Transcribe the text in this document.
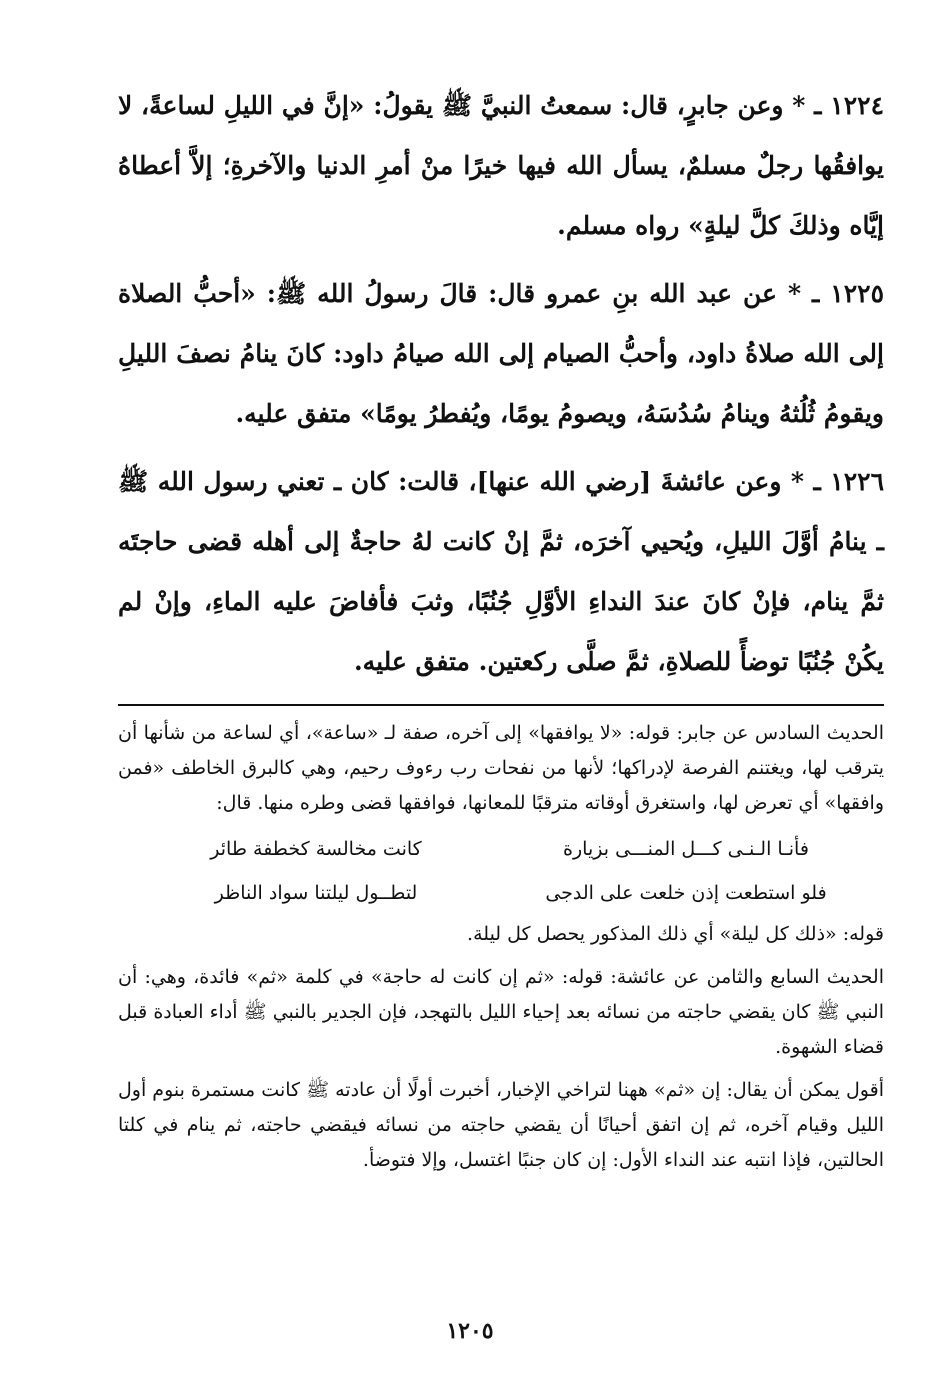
١٢٢٤ ـ * وعن جابرٍ، قال: سمعتُ النبيَّ ﷺ يقولُ: «إنَّ في الليلِ لساعةً، لا يوافقُها رجلٌ مسلمٌ، يسأل الله فيها خيرًا منْ أمرِ الدنيا والآخرةِ؛ إلاَّ أعطاهُ إيَّاه وذلكَ كلَّ ليلةٍ» رواه مسلم.

١٢٢٥ ـ * عن عبد الله بنِ عمرو قال: قالَ رسولُ الله ﷺ: «أحبُّ الصلاة إلى الله صلاةُ داود، وأحبُّ الصيام إلى الله صيامُ داود: كانَ ينامُ نصفَ الليلِ ويقومُ ثُلُثهُ وينامُ سُدُسَهُ، ويصومُ يومًا، ويُفطرُ يومًا» متفق عليه.

١٢٢٦ ـ * وعن عائشةَ [رضي الله عنها]، قالت: كان ـ تعني رسول الله ﷺ ـ ينامُ أوَّلَ الليلِ، ويُحيي آخرَه، ثمَّ إنْ كانت لهُ حاجةٌ إلى أهله قضى حاجتَه ثمَّ ينام، فإنْ كانَ عندَ النداءِ الأوَّلِ جُنُبًا، وثبَ فأفاضَ عليه الماءِ، وإنْ لم يكُنْ جُنُبًا توضأً للصلاةِ، ثمَّ صلَّى ركعتين. متفق عليه.

الحديث السادس عن جابر: قوله: «لا يوافقها» إلى آخره، صفة لـ «ساعة»، أي لساعة من شأنها أن يترقب لها، ويغتنم الفرصة لإدراكها؛ لأنها من نفحات رب رءوف رحيم، وهي كالبرق الخاطف «فمن وافقها» أي تعرض لها، واستغرق أوقاته مترقبًا للمعانها، فوافقها قضى وطره منها. قال:

فأنـا الـنـى كـــل المنـــى بزيارة
كانت مخالسة كخطفة طائر
فلو استطعت إذن خلعت على الدجى
لتطــول ليلتنا سواد الناظر

قوله: «ذلك كل ليلة» أي ذلك المذكور يحصل كل ليلة.

الحديث السابع والثامن عن عائشة: قوله: «ثم إن كانت له حاجة» في كلمة «ثم» فائدة، وهي: أن النبي ﷺ كان يقضي حاجته من نسائه بعد إحياء الليل بالتهجد، فإن الجدير بالنبي ﷺ أداء العبادة قبل قضاء الشهوة.

أقول يمكن أن يقال: إن «ثم» ههنا لتراخي الإخبار، أخبرت أولًا أن عادته ﷺ كانت مستمرة بنوم أول الليل وقيام آخره، ثم إن اتفق أحيانًا أن يقضي حاجته من نسائه فيقضي حاجته، ثم ينام في كلتا الحالتين، فإذا انتبه عند النداء الأول: إن كان جنبًا اغتسل، وإلا فتوضأ.

١٢٠٥
